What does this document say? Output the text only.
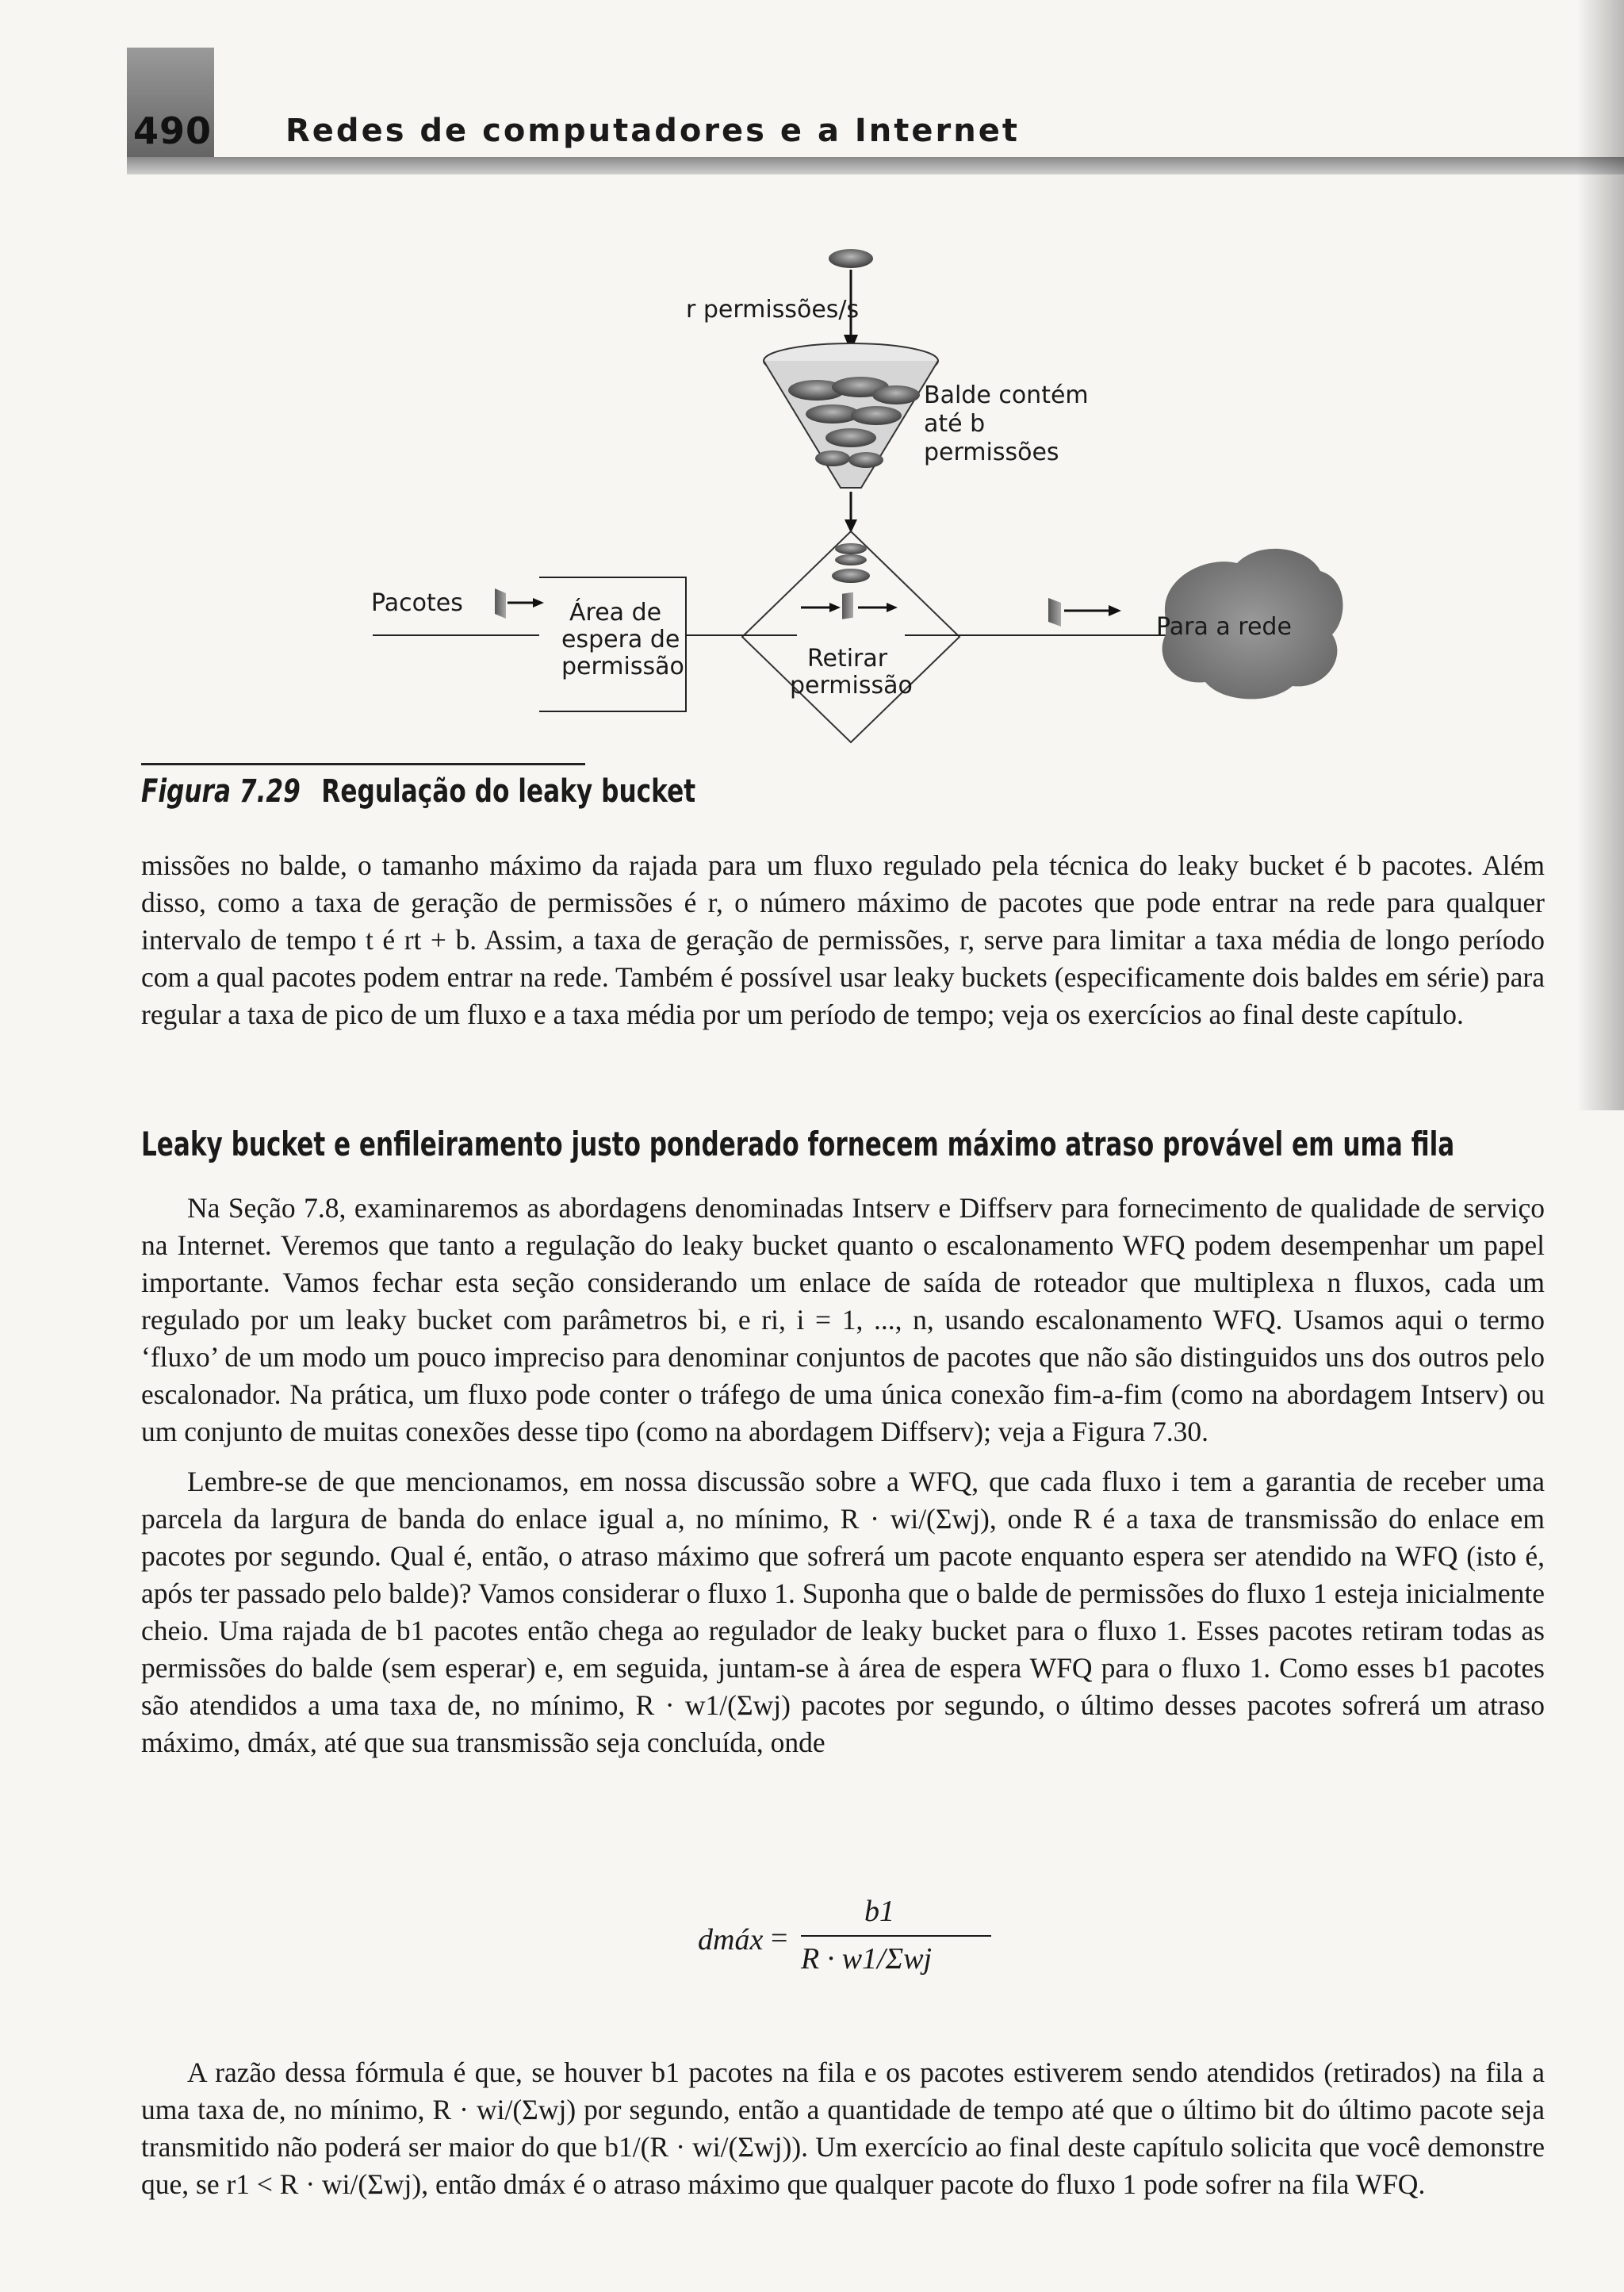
490 Redes de computadores e a Internet
r permissões/s
Balde contém
até b
permissões
Retirar
permissão
Pacotes	Área de
espera de
permissão
Para a rede
Figura 7.29 Regulação do leaky bucket

missões no balde, o tamanho máximo da rajada para um fluxo regulado pela técnica do leaky bucket é b pacotes. Além disso, como a taxa de geração de permissões é r, o número máximo de pacotes que pode entrar na rede para qualquer intervalo de tempo t é rt + b. Assim, a taxa de geração de permissões, r, serve para limitar a taxa média de longo período com a qual pacotes podem entrar na rede. Também é possível usar leaky buckets (especificamente dois baldes em série) para regular a taxa de pico de um fluxo e a taxa média por um período de tempo; veja os exercícios ao final deste capítulo.

Leaky bucket e enfileiramento justo ponderado fornecem máximo atraso provável em uma fila

Na Seção 7.8, examinaremos as abordagens denominadas Intserv e Diffserv para fornecimento de qualidade de serviço na Internet. Veremos que tanto a regulação do leaky bucket quanto o escalonamento WFQ podem desempenhar um papel importante. Vamos fechar esta seção considerando um enlace de saída de roteador que multiplexa n fluxos, cada um regulado por um leaky bucket com parâmetros bi, e ri, i = 1, ..., n, usando escalonamento WFQ. Usamos aqui o termo ‘fluxo’ de um modo um pouco impreciso para denominar conjuntos de pacotes que não são distinguidos uns dos outros pelo escalonador. Na prática, um fluxo pode conter o tráfego de uma única conexão fim-a-fim (como na abordagem Intserv) ou um conjunto de muitas conexões desse tipo (como na abordagem Diffserv); veja a Figura 7.30.

Lembre-se de que mencionamos, em nossa discussão sobre a WFQ, que cada fluxo i tem a garantia de receber uma parcela da largura de banda do enlace igual a, no mínimo, R · wi/(Σwj), onde R é a taxa de transmissão do enlace em pacotes por segundo. Qual é, então, o atraso máximo que sofrerá um pacote enquanto espera ser atendido na WFQ (isto é, após ter passado pelo balde)? Vamos considerar o fluxo 1. Suponha que o balde de permissões do fluxo 1 esteja inicialmente cheio. Uma rajada de b1 pacotes então chega ao regulador de leaky bucket para o fluxo 1. Esses pacotes retiram todas as permissões do balde (sem esperar) e, em seguida, juntam-se à área de espera WFQ para o fluxo 1. Como esses b1 pacotes são atendidos a uma taxa de, no mínimo, R · w1/(Σwj) pacotes por segundo, o último desses pacotes sofrerá um atraso máximo, dmáx, até que sua transmissão seja concluída, onde

dmáx =
b1
R · w1/Σwj

A razão dessa fórmula é que, se houver b1 pacotes na fila e os pacotes estiverem sendo atendidos (retirados) na fila a uma taxa de, no mínimo, R · wi/(Σwj) por segundo, então a quantidade de tempo até que o último bit do último pacote seja transmitido não poderá ser maior do que b1/(R · wi/(Σwj)). Um exercício ao final deste capítulo solicita que você demonstre que, se r1 < R · wi/(Σwj), então dmáx é o atraso máximo que qualquer pacote do fluxo 1 pode sofrer na fila WFQ.
